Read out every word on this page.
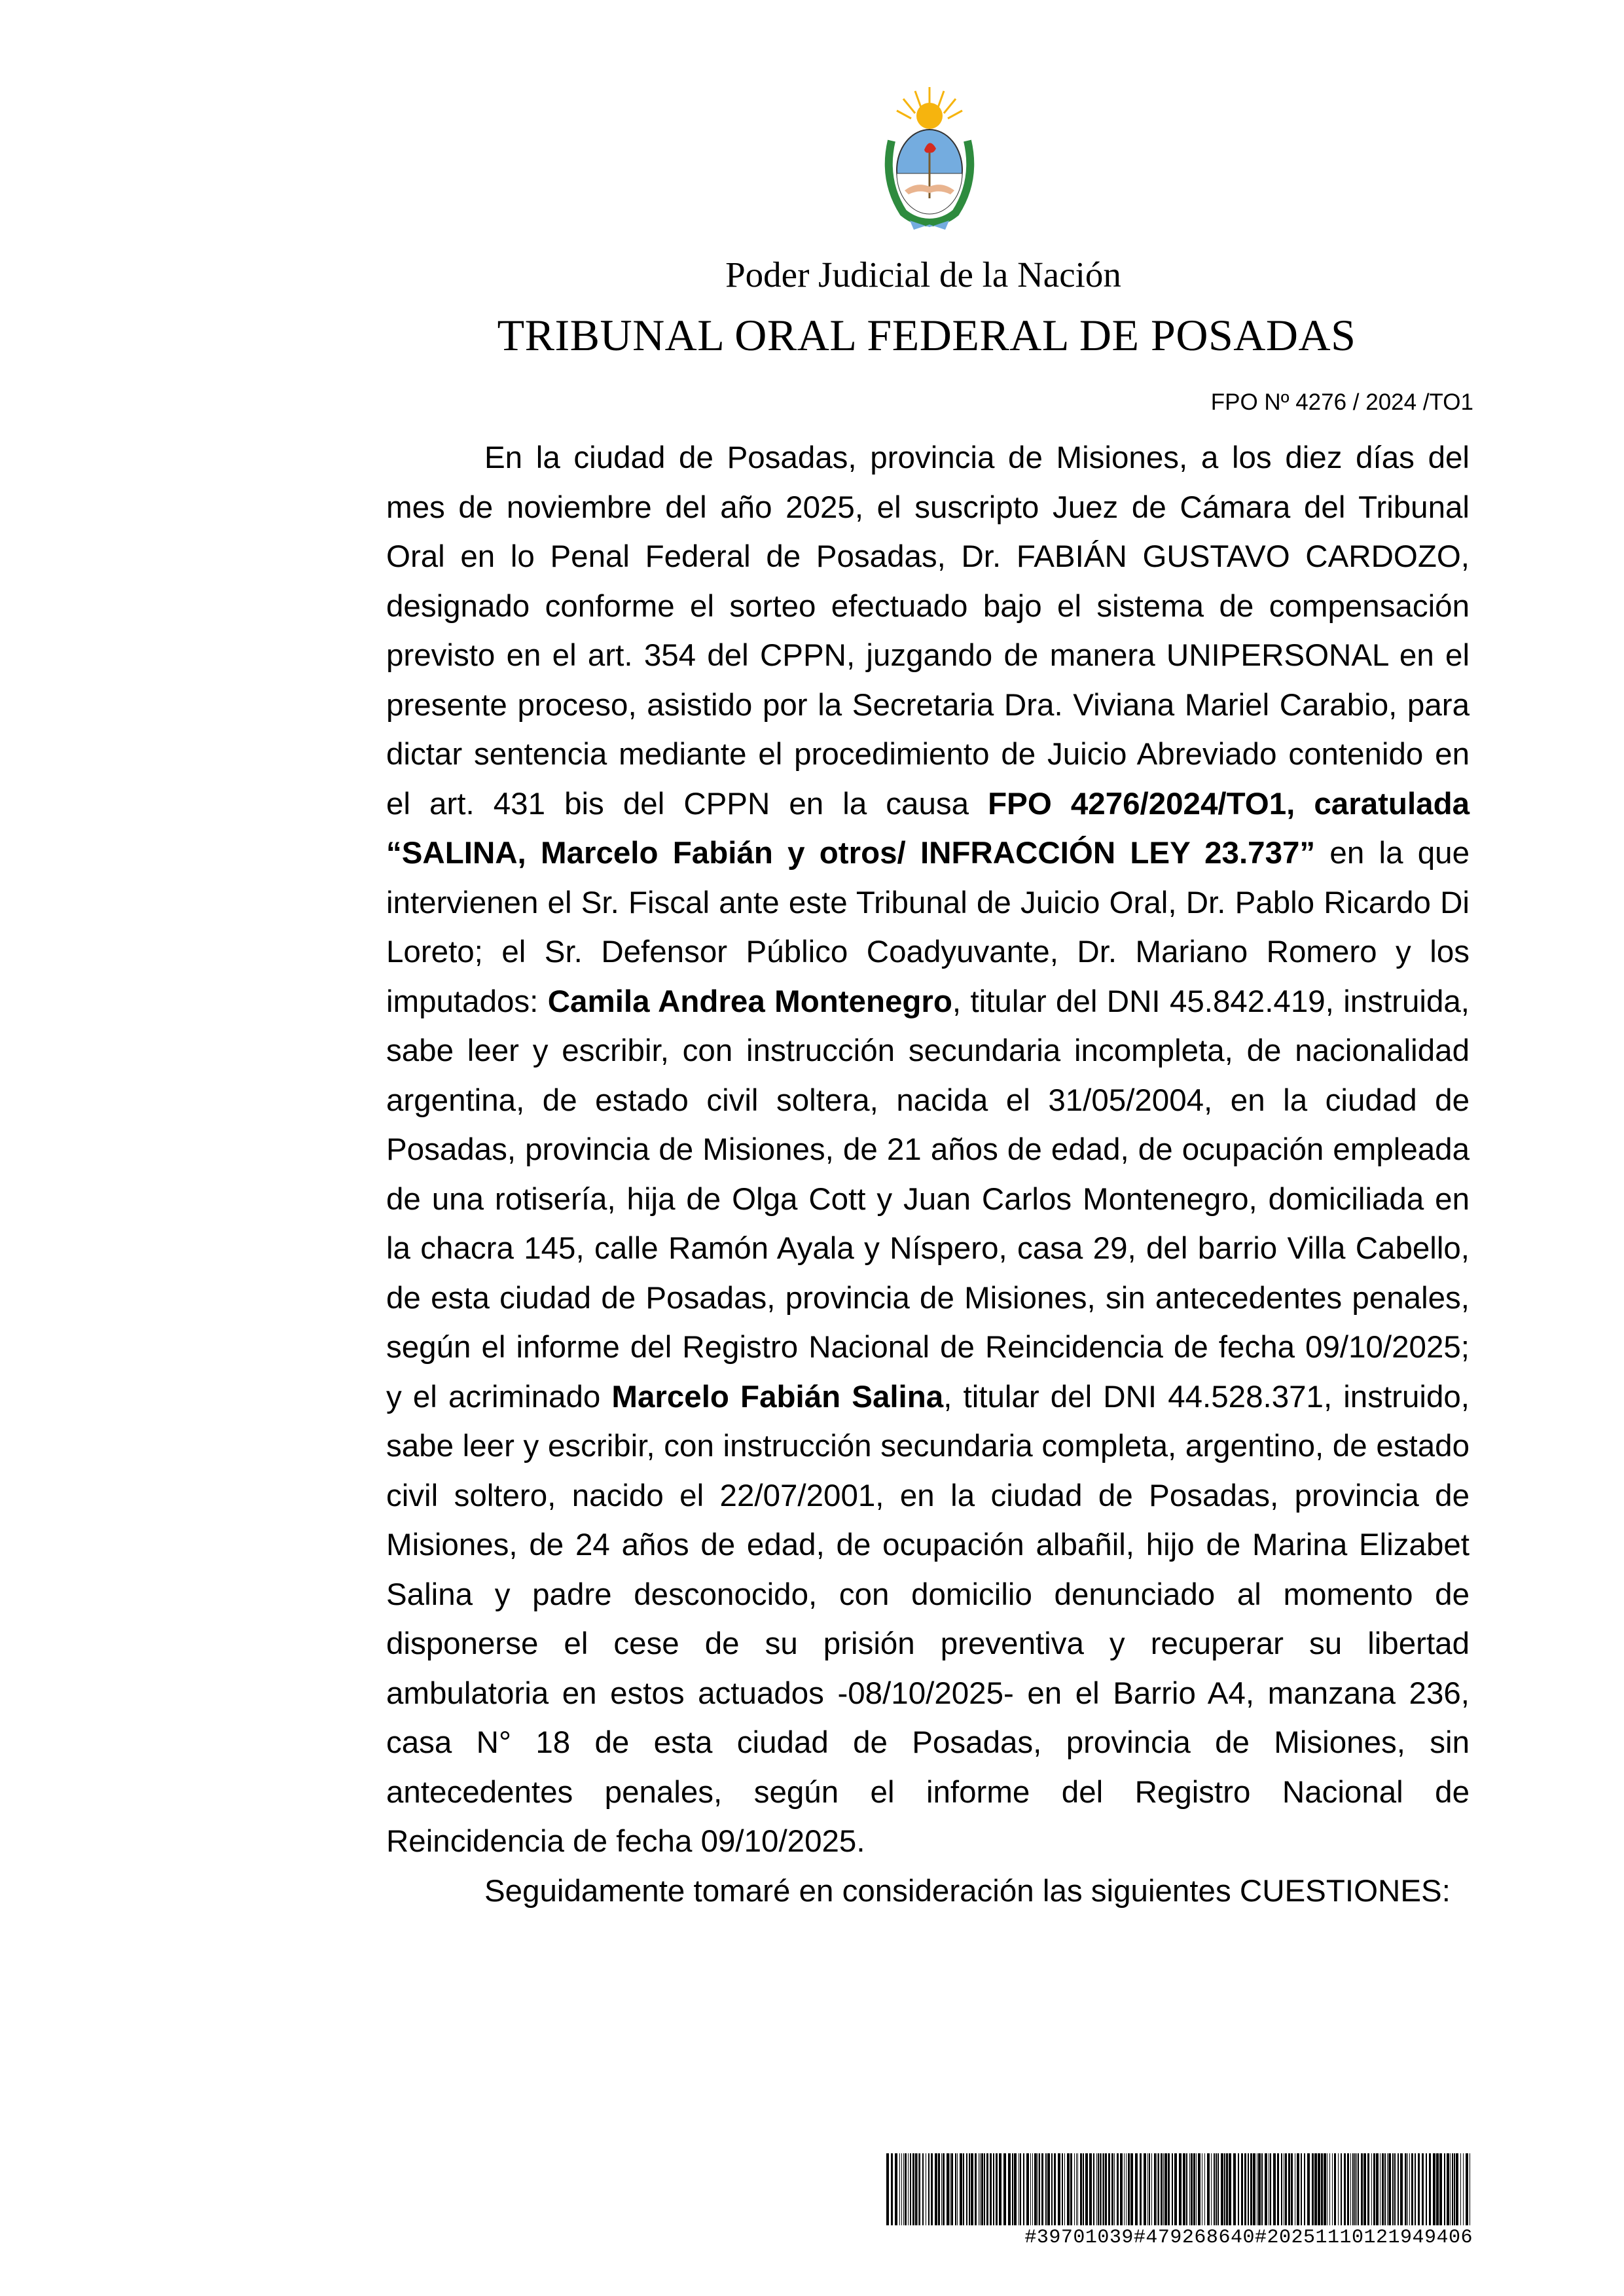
Poder Judicial de la Nación
TRIBUNAL ORAL FEDERAL DE POSADAS
FPO Nº 4276 / 2024 /TO1

En la ciudad de Posadas, provincia de Misiones, a los diez días del mes de noviembre del año 2025, el suscripto Juez de Cámara del Tribunal Oral en lo Penal Federal de Posadas, Dr. FABIÁN GUSTAVO CARDOZO, designado conforme el sorteo efectuado bajo el sistema de compensación previsto en el art. 354 del CPPN, juzgando de manera UNIPERSONAL en el presente proceso, asistido por la Secretaria Dra. Viviana Mariel Carabio, para dictar sentencia mediante el procedimiento de Juicio Abreviado contenido en el art. 431 bis del CPPN en la causa FPO 4276/2024/TO1, caratulada “SALINA, Marcelo Fabián y otros/ INFRACCIÓN LEY 23.737” en la que intervienen el Sr. Fiscal ante este Tribunal de Juicio Oral, Dr. Pablo Ricardo Di Loreto; el Sr. Defensor Público Coadyuvante, Dr. Mariano Romero y los imputados: Camila Andrea Montenegro, titular del DNI 45.842.419, instruida, sabe leer y escribir, con instrucción secundaria incompleta, de nacionalidad argentina, de estado civil soltera, nacida el 31/05/2004, en la ciudad de Posadas, provincia de Misiones, de 21 años de edad, de ocupación empleada de una rotisería, hija de Olga Cott y Juan Carlos Montenegro, domiciliada en la chacra 145, calle Ramón Ayala y Níspero, casa 29, del barrio Villa Cabello, de esta ciudad de Posadas, provincia de Misiones, sin antecedentes penales, según el informe del Registro Nacional de Reincidencia de fecha 09/10/2025; y el acriminado Marcelo Fabián Salina, titular del DNI 44.528.371, instruido, sabe leer y escribir, con instrucción secundaria completa, argentino, de estado civil soltero, nacido el 22/07/2001, en la ciudad de Posadas, provincia de Misiones, de 24 años de edad, de ocupación albañil, hijo de Marina Elizabet Salina y padre desconocido, con domicilio denunciado al momento de disponerse el cese de su prisión preventiva y recuperar su libertad ambulatoria en estos actuados -08/10/2025- en el Barrio A4, manzana 236, casa N° 18 de esta ciudad de Posadas, provincia de Misiones, sin antecedentes penales, según el informe del Registro Nacional de Reincidencia de fecha 09/10/2025.

Seguidamente tomaré en consideración las siguientes CUESTIONES:

#39701039#479268640#20251110121949406
